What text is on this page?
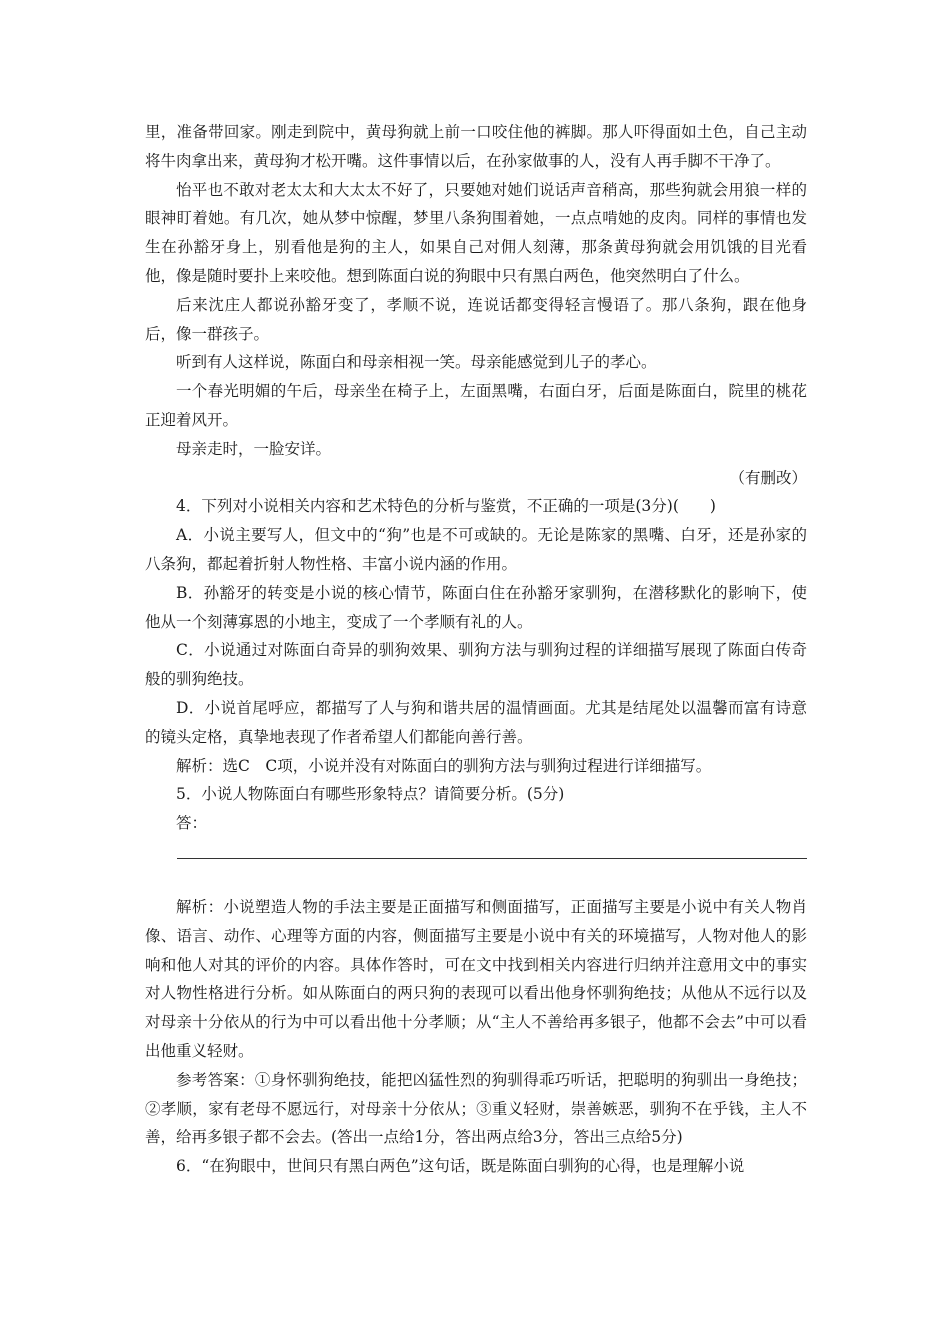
里，准备带回家。刚走到院中，黄母狗就上前一口咬住他的裤脚。那人吓得面如土色，自己主动将牛肉拿出来，黄母狗才松开嘴。这件事情以后，在孙家做事的人，没有人再手脚不干净了。

怡平也不敢对老太太和大太太不好了，只要她对她们说话声音稍高，那些狗就会用狼一样的眼神盯着她。有几次，她从梦中惊醒，梦里八条狗围着她，一点点啃她的皮肉。同样的事情也发生在孙豁牙身上，别看他是狗的主人，如果自己对佣人刻薄，那条黄母狗就会用饥饿的目光看他，像是随时要扑上来咬他。想到陈面白说的狗眼中只有黑白两色，他突然明白了什么。

后来沈庄人都说孙豁牙变了，孝顺不说，连说话都变得轻言慢语了。那八条狗，跟在他身后，像一群孩子。

听到有人这样说，陈面白和母亲相视一笑。母亲能感觉到儿子的孝心。

一个春光明媚的午后，母亲坐在椅子上，左面黑嘴，右面白牙，后面是陈面白，院里的桃花正迎着风开。

母亲走时，一脸安详。

（有删改）

4．下列对小说相关内容和艺术特色的分析与鉴赏，不正确的一项是(3分)(　　)

A．小说主要写人，但文中的“狗”也是不可或缺的。无论是陈家的黑嘴、白牙，还是孙家的八条狗，都起着折射人物性格、丰富小说内涵的作用。

B．孙豁牙的转变是小说的核心情节，陈面白住在孙豁牙家驯狗，在潜移默化的影响下，使他从一个刻薄寡恩的小地主，变成了一个孝顺有礼的人。

C．小说通过对陈面白奇异的驯狗效果、驯狗方法与驯狗过程的详细描写展现了陈面白传奇般的驯狗绝技。

D．小说首尾呼应，都描写了人与狗和谐共居的温情画面。尤其是结尾处以温馨而富有诗意的镜头定格，真挚地表现了作者希望人们都能向善行善。

解析：选C　C项，小说并没有对陈面白的驯狗方法与驯狗过程进行详细描写。

5．小说人物陈面白有哪些形象特点？请简要分析。(5分)

答：

解析：小说塑造人物的手法主要是正面描写和侧面描写，正面描写主要是小说中有关人物肖像、语言、动作、心理等方面的内容，侧面描写主要是小说中有关的环境描写，人物对他人的影响和他人对其的评价的内容。具体作答时，可在文中找到相关内容进行归纳并注意用文中的事实对人物性格进行分析。如从陈面白的两只狗的表现可以看出他身怀驯狗绝技；从他从不远行以及对母亲十分依从的行为中可以看出他十分孝顺；从“主人不善给再多银子，他都不会去”中可以看出他重义轻财。

参考答案：①身怀驯狗绝技，能把凶猛性烈的狗驯得乖巧听话，把聪明的狗驯出一身绝技；②孝顺，家有老母不愿远行，对母亲十分依从；③重义轻财，崇善嫉恶，驯狗不在乎钱，主人不善，给再多银子都不会去。(答出一点给1分，答出两点给3分，答出三点给5分)

6．“在狗眼中，世间只有黑白两色”这句话，既是陈面白驯狗的心得，也是理解小说
